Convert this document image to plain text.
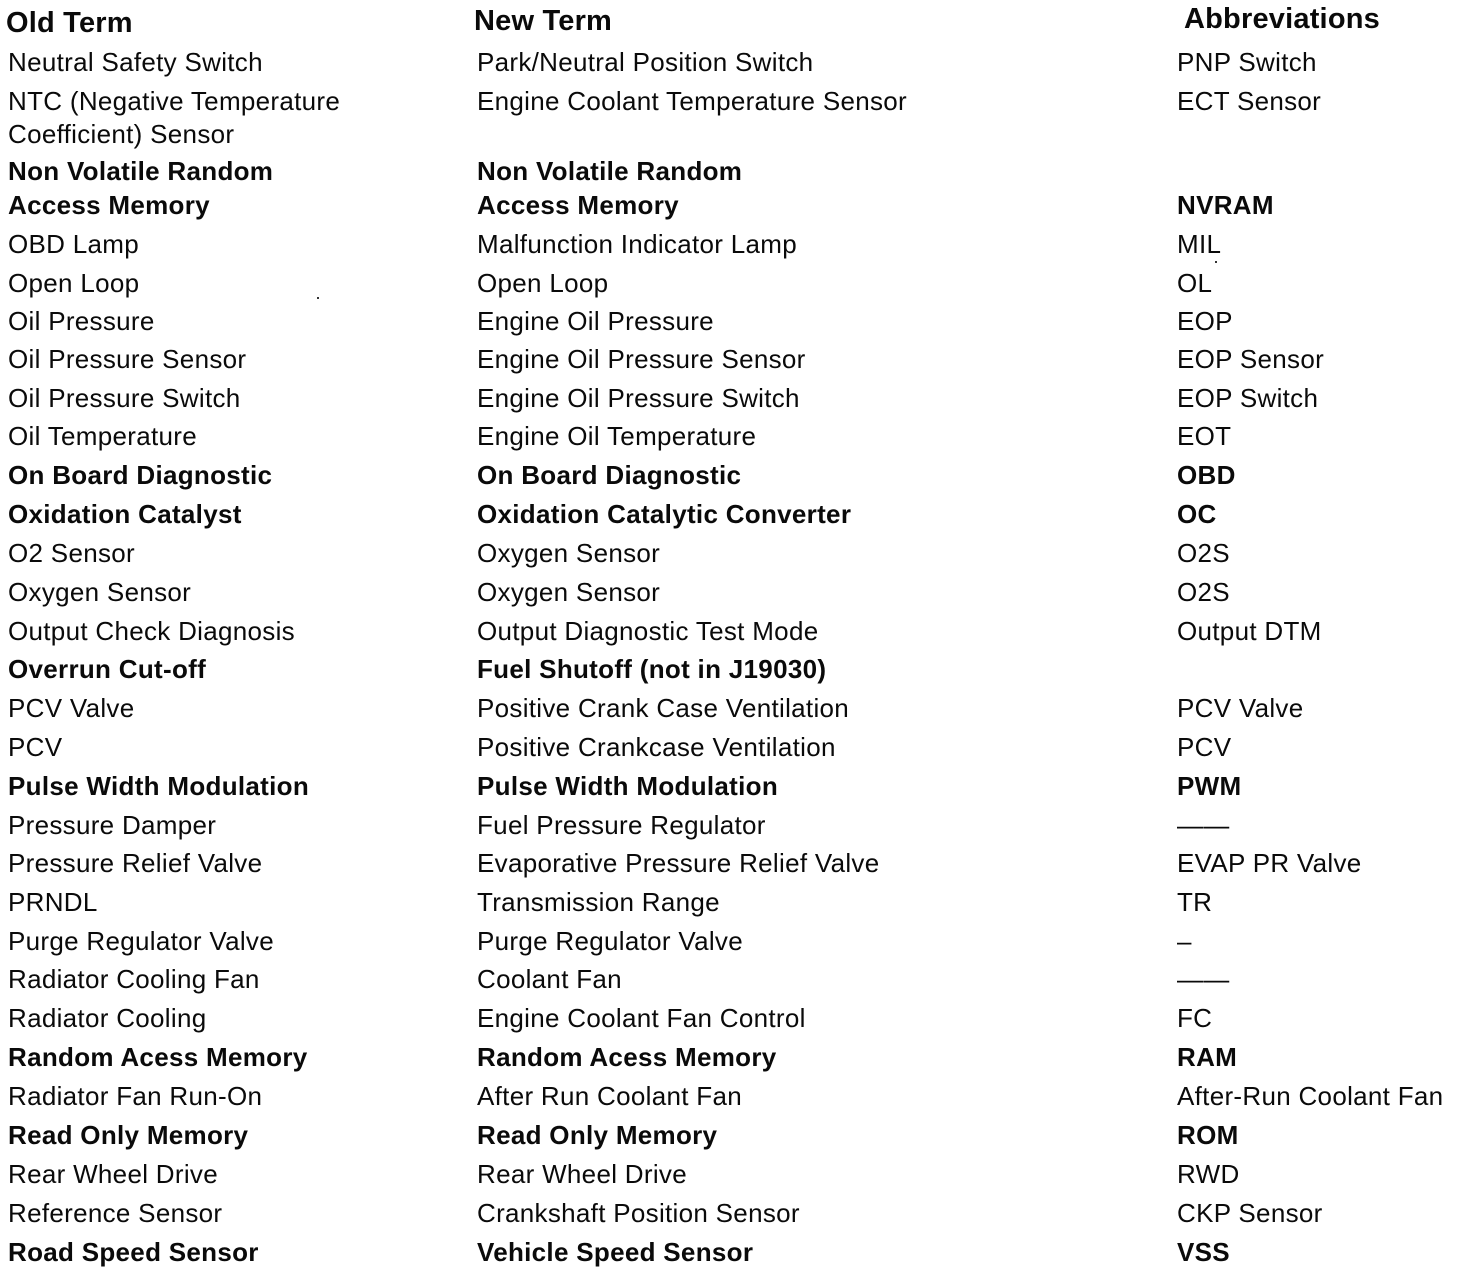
Old Term	New Term	Abbreviations
Neutral Safety Switch	Park/Neutral Position Switch	PNP Switch
NTC (Negative Temperature	Engine Coolant Temperature Sensor	ECT Sensor
Coefficient) Sensor
Non Volatile Random	Non Volatile Random
Access Memory	Access Memory	NVRAM
OBD Lamp	Malfunction Indicator Lamp	MIL
Open Loop	Open Loop	OL
Oil Pressure	Engine Oil Pressure	EOP
Oil Pressure Sensor	Engine Oil Pressure Sensor	EOP Sensor
Oil Pressure Switch	Engine Oil Pressure Switch	EOP Switch
Oil Temperature	Engine Oil Temperature	EOT
On Board Diagnostic	On Board Diagnostic	OBD
Oxidation Catalyst	Oxidation Catalytic Converter	OC
O2 Sensor	Oxygen Sensor	O2S
Oxygen Sensor	Oxygen Sensor	O2S
Output Check Diagnosis	Output Diagnostic Test Mode	Output DTM
Overrun Cut-off	Fuel Shutoff (not in J19030)
PCV Valve	Positive Crank Case Ventilation	PCV Valve
PCV	Positive Crankcase Ventilation	PCV
Pulse Width Modulation	Pulse Width Modulation	PWM
Pressure Damper	Fuel Pressure Regulator	——
Pressure Relief Valve	Evaporative Pressure Relief Valve	EVAP PR Valve
PRNDL	Transmission Range	TR
Purge Regulator Valve	Purge Regulator Valve	–
Radiator Cooling Fan	Coolant Fan	——
Radiator Cooling	Engine Coolant Fan Control	FC
Random Acess Memory	Random Acess Memory	RAM
Radiator Fan Run-On	After Run Coolant Fan	After-Run Coolant Fan
Read Only Memory	Read Only Memory	ROM
Rear Wheel Drive	Rear Wheel Drive	RWD
Reference Sensor	Crankshaft Position Sensor	CKP Sensor
Road Speed Sensor	Vehicle Speed Sensor	VSS
